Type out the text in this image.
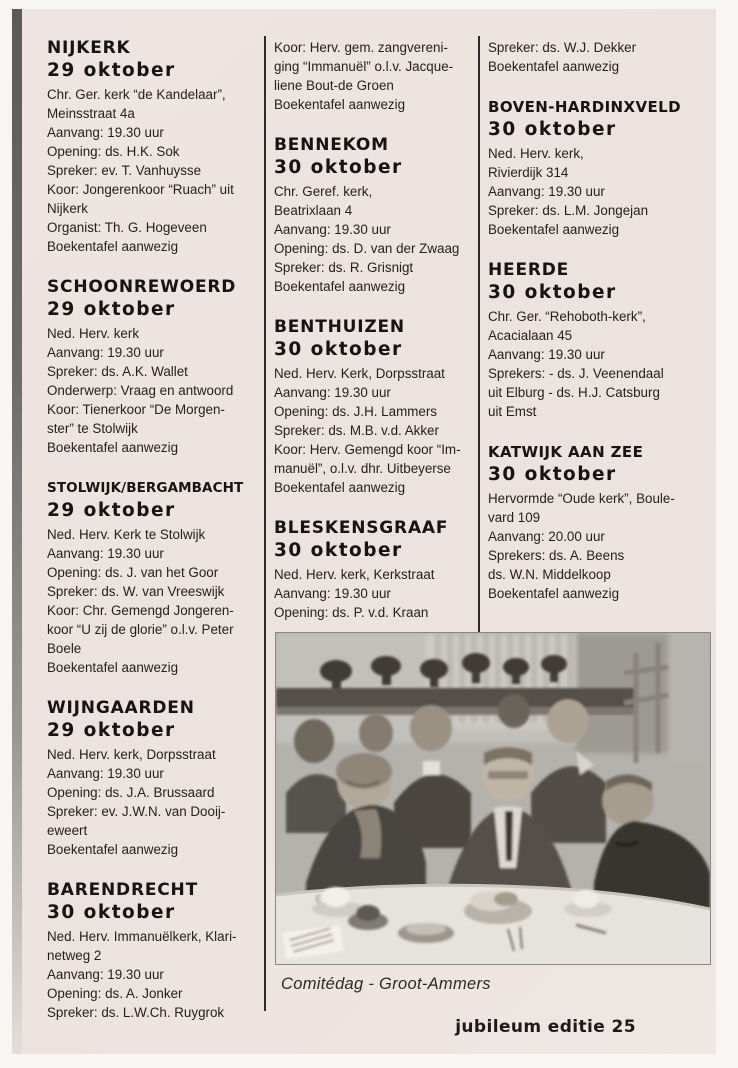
NIJKERK
29 oktober
Chr. Ger. kerk “de Kandelaar”,
Meinsstraat 4a
Aanvang: 19.30 uur
Opening: ds. H.K. Sok
Spreker: ev. T. Vanhuysse
Koor: Jongerenkoor “Ruach” uit
Nijkerk
Organist: Th. G. Hogeveen
Boekentafel aanwezig
SCHOONREWOERD
29 oktober
Ned. Herv. kerk
Aanvang: 19.30 uur
Spreker: ds. A.K. Wallet
Onderwerp: Vraag en antwoord
Koor: Tienerkoor “De Morgen-
ster” te Stolwijk
Boekentafel aanwezig
STOLWIJK/BERGAMBACHT
29 oktober
Ned. Herv. Kerk te Stolwijk
Aanvang: 19.30 uur
Opening: ds. J. van het Goor
Spreker: ds. W. van Vreeswijk
Koor: Chr. Gemengd Jongeren-
koor “U zij de glorie” o.l.v. Peter
Boele
Boekentafel aanwezig
WIJNGAARDEN
29 oktober
Ned. Herv. kerk, Dorpsstraat
Aanvang: 19.30 uur
Opening: ds. J.A. Brussaard
Spreker: ev. J.W.N. van Dooij-
eweert
Boekentafel aanwezig
BARENDRECHT
30 oktober
Ned. Herv. Immanuëlkerk, Klari-
netweg 2
Aanvang: 19.30 uur
Opening: ds. A. Jonker
Spreker: ds. L.W.Ch. Ruygrok
Koor: Herv. gem. zangvereni-
ging “Immanuël” o.l.v. Jacque-
liene Bout-de Groen
Boekentafel aanwezig
BENNEKOM
30 oktober
Chr. Geref. kerk,
Beatrixlaan 4
Aanvang: 19.30 uur
Opening: ds. D. van der Zwaag
Spreker: ds. R. Grisnigt
Boekentafel aanwezig
BENTHUIZEN
30 oktober
Ned. Herv. Kerk, Dorpsstraat
Aanvang: 19.30 uur
Opening: ds. J.H. Lammers
Spreker: ds. M.B. v.d. Akker
Koor: Herv. Gemengd koor “Im-
manuël”, o.l.v. dhr. Uitbeyerse
Boekentafel aanwezig
BLESKENSGRAAF
30 oktober
Ned. Herv. kerk, Kerkstraat
Aanvang: 19.30 uur
Opening: ds. P. v.d. Kraan
Spreker: ds. W.J. Dekker
Boekentafel aanwezig
BOVEN-HARDINXVELD
30 oktober
Ned. Herv. kerk,
Rivierdijk 314
Aanvang: 19.30 uur
Spreker: ds. L.M. Jongejan
Boekentafel aanwezig
HEERDE
30 oktober
Chr. Ger. “Rehoboth-kerk”,
Acacialaan 45
Aanvang: 19.30 uur
Sprekers: - ds. J. Veenendaal
uit Elburg - ds. H.J. Catsburg
uit Emst
KATWIJK AAN ZEE
30 oktober
Hervormde “Oude kerk”, Boule-
vard 109
Aanvang: 20.00 uur
Sprekers: ds. A. Beens
ds. W.N. Middelkoop
Boekentafel aanwezig
Comitédag - Groot-Ammers
jubileum editie 25
